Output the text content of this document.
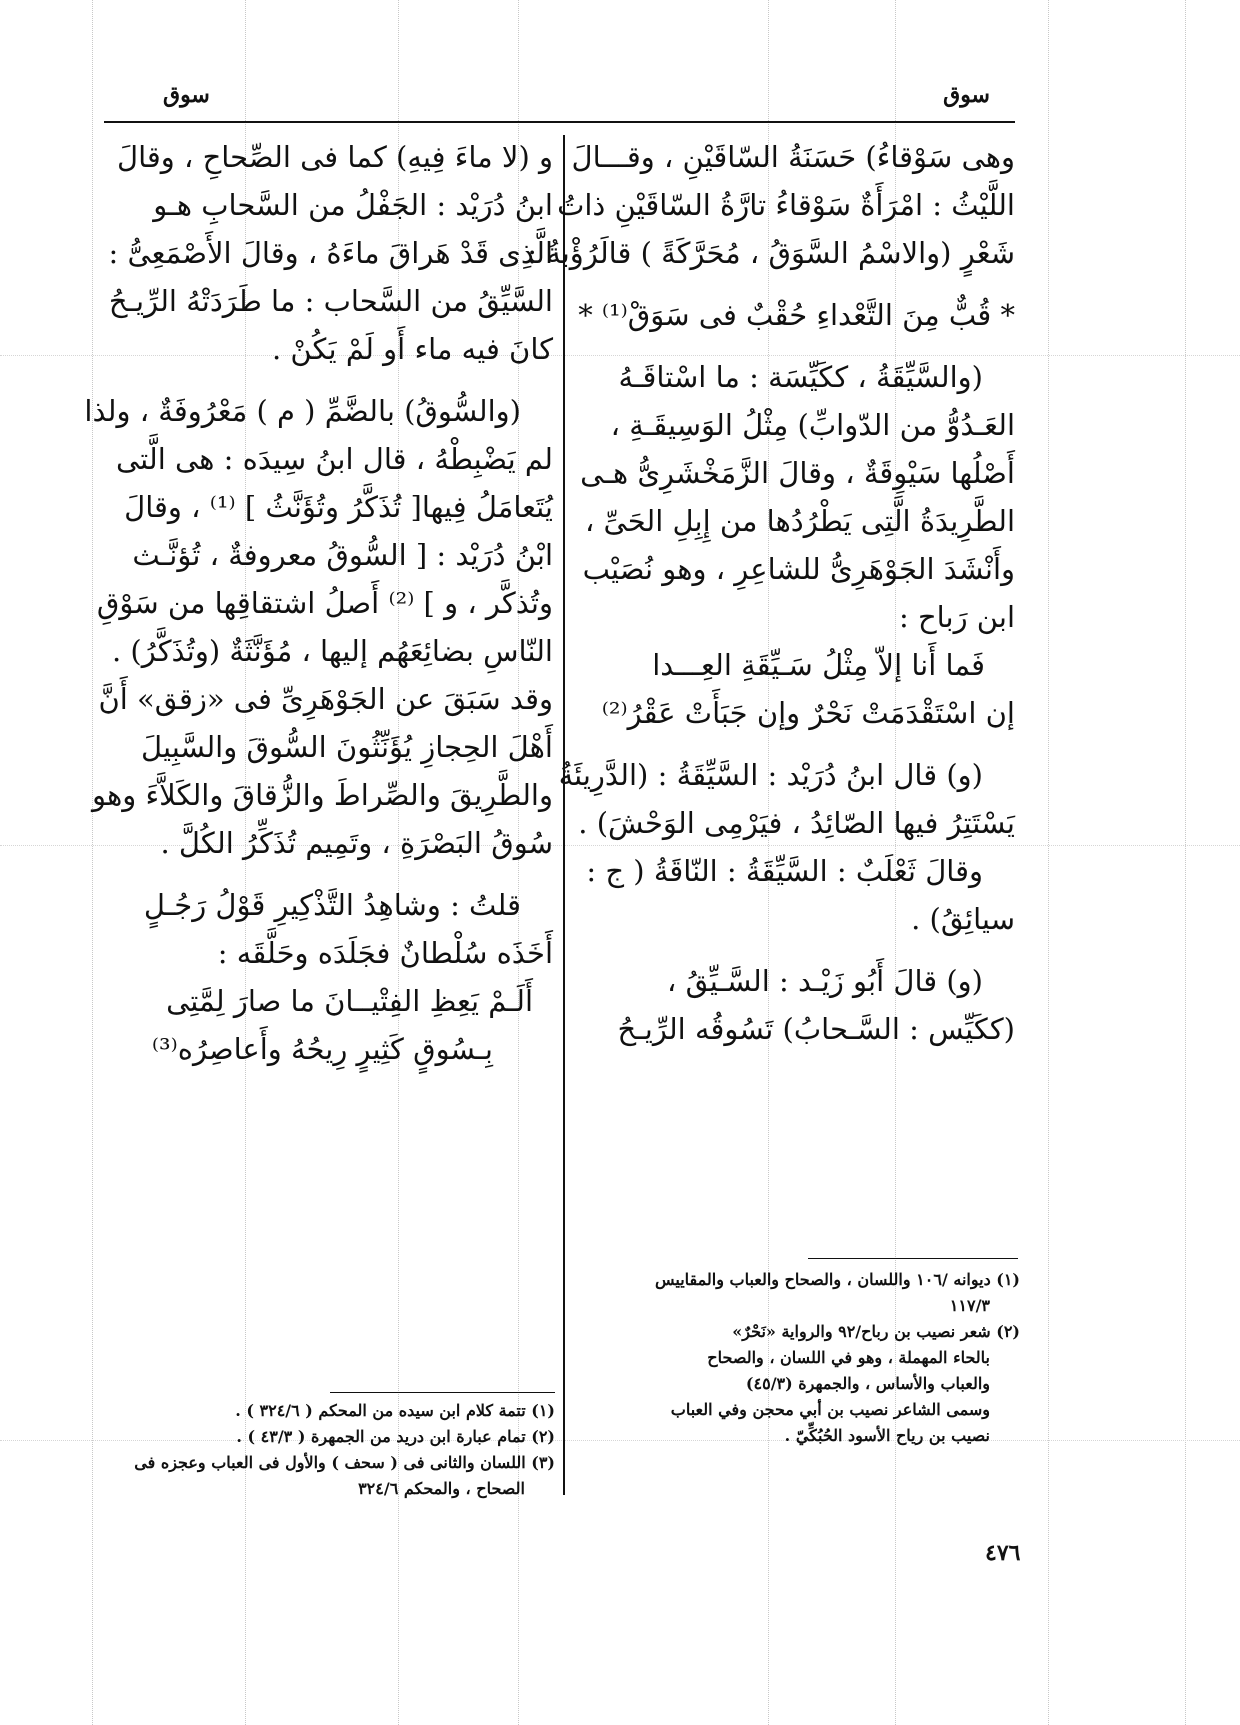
سوق
سوق
وهى سَوْقاءُ) حَسَنَةُ السّاقَيْنِ ، وقـــالَ
اللَّيْثُ : امْرَأَةٌ سَوْقاءُ تارَّةُ السّاقَيْنِ ذاتُ
شَعْرٍ (والاسْمُ السَّوَقُ ، مُحَرَّكَةً ) قالَرُؤْبةُ :
* قُبٌّ مِنَ التَّعْداءِ حُقْبٌ فى سَوَقْ⁽¹⁾ *
(والسَّيِّقَةُ ، ككَيِّسَة : ما اسْتاقَـهُ
العَـدُوُّ من الدّوابِّ) مِثْلُ الوَسِيقَـةِ ،
أَصْلُها سَيْوِقَةٌ ، وقالَ الزَّمَخْشَرِىُّ هـى
الطَّرِيدَةُ الَّتِى يَطْرُدُها من إِبِلِ الحَىِّ ،
وأَنْشَدَ الجَوْهَرِىُّ للشاعِرِ ، وهو نُصَيْب
ابن رَباح :
فَما أَنا إلاّ مِثْلُ سَـيِّقَةِ العِـــدا
إن اسْتَقْدَمَتْ نَحْرٌ وإن جَبَأَتْ عَقْرُ⁽²⁾
(و) قال ابنُ دُرَيْد : السَّيِّقَةُ : (الدَّرِيئَةُ
يَسْتَتِرُ فيها الصّائِدُ ، فيَرْمِى الوَحْشَ) .
وقالَ ثَعْلَبٌ : السَّيِّقَةُ : النّاقَةُ ( ج :
سيائِقُ) .
(و) قالَ أَبُو زَيْـد : السَّـيِّقُ ،
(ككَيِّس : السَّـحابُ) تَسُوقُه الرِّيـحُ
و (لا ماءَ فِيهِ) كما فى الصِّحاحِ ، وقالَ
ابنُ دُرَيْد : الجَفْلُ من السَّحابِ هـو
الَّذِى قَدْ هَراقَ ماءَهُ ، وقالَ الأَصْمَعِىُّ :
السَّيِّقُ من السَّحاب : ما طَرَدَتْهُ الرِّيـحُ
كانَ فيه ماء أَو لَمْ يَكُنْ .
(والسُّوقُ) بالضَّمِّ ( م ) مَعْرُوفَةٌ ، ولذا
لم يَضْبِطْهُ ، قال ابنُ سِيدَه : هى الَّتى
يُتَعامَلُ فِيها[ تُذَكَّرُ وتُؤَنَّثُ ] ⁽¹⁾ ، وقالَ
ابْنُ دُرَيْد : [ السُّوقُ معروفةٌ ، تُؤنَّـث
وتُذكَّر ، و ] ⁽²⁾ أَصلُ اشتقاقِها من سَوْقِ
النّاسِ بضائِعَهُم إليها ، مُؤَنَّثَةٌ (وتُذَكَّرُ) .
وقد سَبَقَ عن الجَوْهَرِىِّ فى «زقق» أَنَّ
أَهْلَ الحِجازِ يُؤَنِّثُونَ السُّوقَ والسَّبِيلَ
والطَّرِيقَ والصِّراطَ والزُّقاقَ والكَلاَّءَ وهو
سُوقُ البَصْرَةِ ، وتَمِيم تُذَكِّرُ الكُلَّ .
قلتُ : وشاهِدُ التَّذْكِيرِ قَوْلُ رَجُـلٍ
أَخَذَه سُلْطانٌ فجَلَدَه وحَلَّقَه :
أَلَـمْ يَعِظِ الفِتْيــانَ ما صارَ لِمَّتِى
بِـسُوقٍ كَثِيرٍ رِيحُهُ وأَعاصِرُه⁽³⁾
(١) ديوانه /١٠٦ واللسان ، والصحاح والعباب والمقاييس
١١٧/٣
(٢) شعر نصيب بن رباح/٩٢ والرواية «نَحْرٌ»
بالحاء المهملة ، وهو في اللسان ، والصحاح
والعباب والأساس ، والجمهرة (٤٥/٣)
وسمى الشاعر نصيب بن أبي محجن وفي العباب
نصيب بن رياح الأسود الحُبُكِّيّ .
(١) تتمة كلام ابن سيده من المحكم ( ٣٢٤/٦ ) .
(٢) تمام عبارة ابن دريد من الجمهرة ( ٤٣/٣ ) .
(٣) اللسان والثانى فى ( سحف ) والأول فى العباب وعجزه فى
الصحاح ، والمحكم ٣٢٤/٦
٤٧٦
